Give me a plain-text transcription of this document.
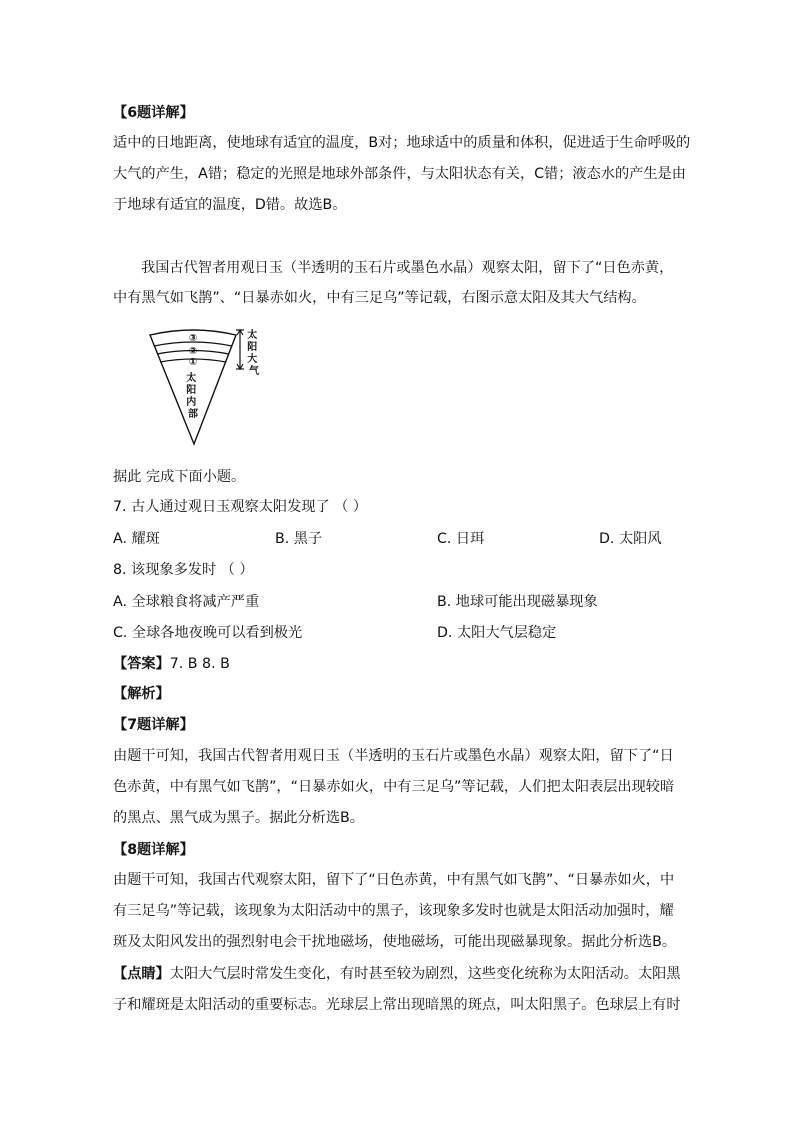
【6题详解】
适中的日地距离，使地球有适宜的温度，B对；地球适中的质量和体积，促进适于生命呼吸的
大气的产生，A错；稳定的光照是地球外部条件，与太阳状态有关，C错；液态水的产生是由
于地球有适宜的温度，D错。故选B。
我国古代智者用观日玉（半透明的玉石片或墨色水晶）观察太阳，留下了“日色赤黄，
中有黑气如飞鹊”、“日暴赤如火，中有三足乌”等记载，右图示意太阳及其大气结构。
③
②
①
太 阳 内 部
太 阳 大 气
据此 完成下面小题。
7. 古人通过观日玉观察太阳发现了 （ ）
A. 耀斑	B. 黑子	C. 日珥	D. 太阳风
8. 该现象多发时 （ ）
A. 全球粮食将减产严重	B. 地球可能出现磁暴现象
C. 全球各地夜晚可以看到极光	D. 太阳大气层稳定
【答案】7. B 8. B
【解析】
【7题详解】
由题干可知，我国古代智者用观日玉（半透明的玉石片或墨色水晶）观察太阳，留下了“日
色赤黄，中有黑气如飞鹊”，“日暴赤如火，中有三足乌”等记载，人们把太阳表层出现较暗
的黑点、黑气成为黑子。据此分析选B。
【8题详解】
由题干可知，我国古代观察太阳，留下了“日色赤黄，中有黑气如飞鹊”、“日暴赤如火，中
有三足乌”等记载，该现象为太阳活动中的黑子，该现象多发时也就是太阳活动加强时，耀
斑及太阳风发出的强烈射电会干扰地磁场，使地磁场，可能出现磁暴现象。据此分析选B。
【点睛】太阳大气层时常发生变化，有时甚至较为剧烈，这些变化统称为太阳活动。太阳黑
子和耀斑是太阳活动的重要标志。光球层上常出现暗黑的斑点，叫太阳黑子。色球层上有时
